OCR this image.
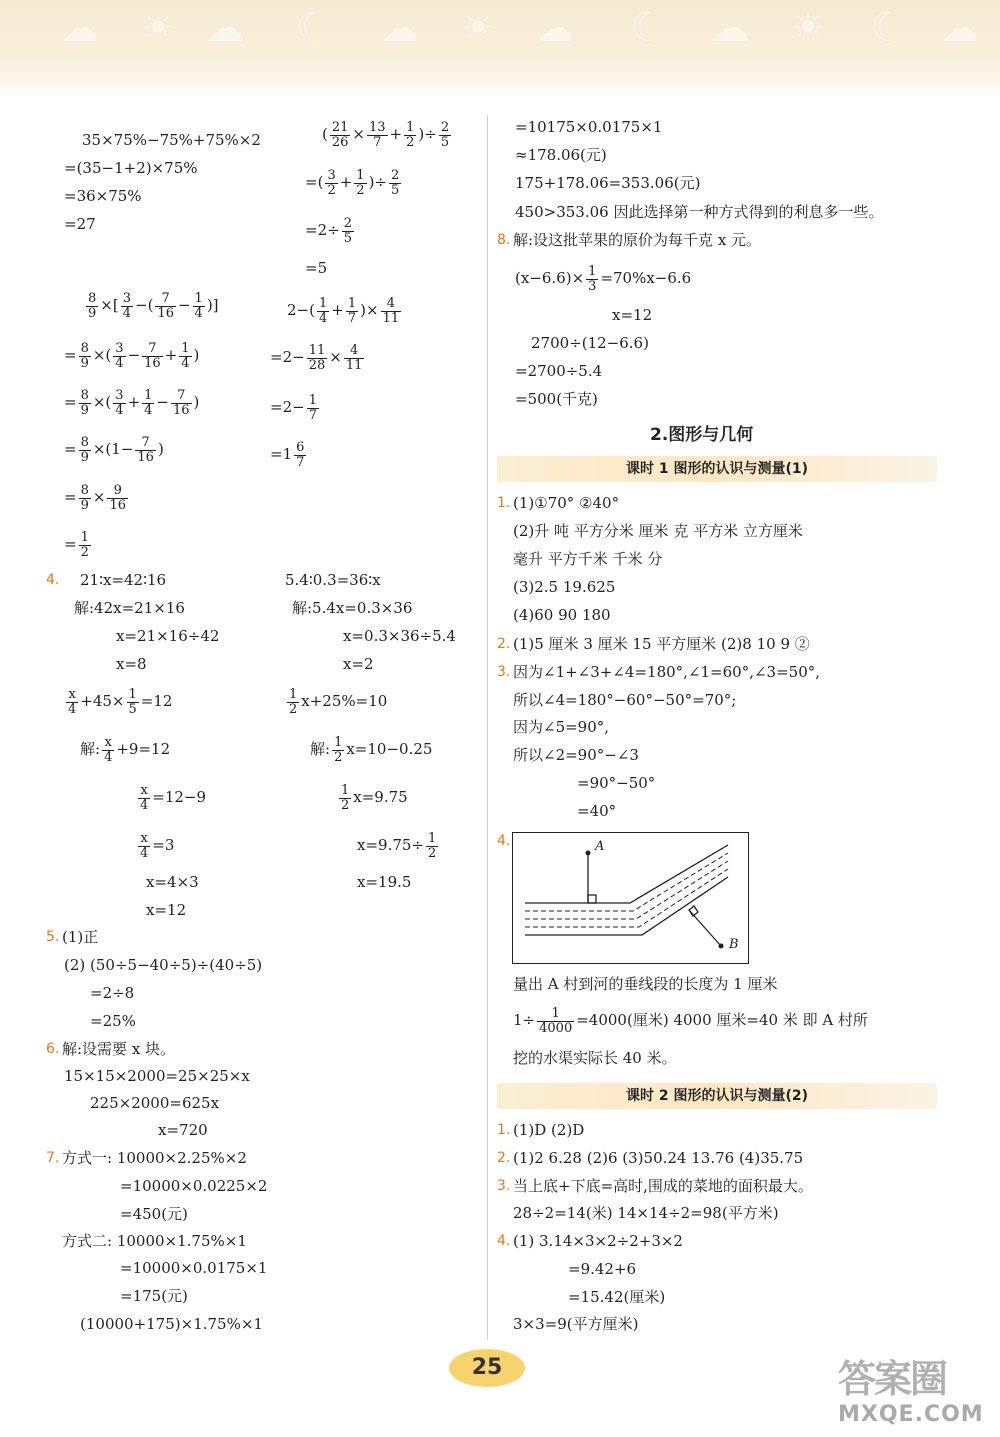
☁ ☀ ☁ ☾ ☁ ☀ ☁ ☾ ☁ ☀ ☾ ☁
35×75%−75%+75%×2
=(35−1+2)×75%
=36×75%
=27
( $\frac{21}{26} \times \frac{13}{7} + \frac{1}{2}$ )÷ $\frac{2}{5}$
=( $\frac{3}{2} + \frac{1}{2}$ )÷ $\frac{2}{5}$
$=2\div \frac{2}{5}$
=5
$\frac{8}{9}$ ×[ $\frac{3}{4}$ −( $\frac{7}{16} - \frac{1}{4}$ )]	$2-( \frac{1}{4} + \frac{1}{7}$ )× $\frac{4}{11}$
= $\frac{8}{9}$ ×( $\frac{3}{4} - \frac{7}{16} + \frac{1}{4}$ )	$=2- \frac{11}{28} \times \frac{4}{11}$
= $\frac{8}{9}$ ×( $\frac{3}{4} + \frac{1}{4} - \frac{7}{16}$ )	$=2- \frac{1}{7}$
= $\frac{8}{9} \times(1- \frac{7}{16}$ )	$=1 \frac{6}{7}$
= $\frac{8}{9} \times \frac{9}{16}$
= $\frac{1}{2}$
4. 21∶x=42∶16
解:42x=21×16
x=21×16÷42
x=8
5.4∶0.3=36∶x
解:5.4x=0.3×36
x=0.3×36÷5.4
x=2
$\frac{x}{4} +45\times \frac{1}{5} =12$
解: $\frac{x}{4} +9=12$
$\frac{x}{4} =12-9$
$\frac{x}{4} =3$
x=4×3
x=12
$\frac{1}{2} x+25\%=10$
解: $\frac{1}{2} x=10-0.25$
$\frac{1}{2} x=9.75$
$x=9.75\div \frac{1}{2}$
x=19.5
5. (1)正
(2) (50÷5−40÷5)÷(40÷5)
=2÷8
=25%
6. 解:设需要 x 块。
15×15×2000=25×25×x
225×2000=625x
x=720
7. 方式一: 10000×2.25%×2
=10000×0.0225×2
=450(元)
方式二: 10000×1.75%×1
=10000×0.0175×1
=175(元)
(10000+175)×1.75%×1
=10175×0.0175×1
≈178.06(元)
175+178.06=353.06(元)
450>353.06 因此选择第一种方式得到的利息多一些。
8. 解:设这批苹果的原价为每千克 x 元。
$(x-6.6)\times \frac{1}{3} =70\%x-6.6$
x=12
2700÷(12−6.6)
=2700÷5.4
=500(千克)
2.图形与几何
课时 1 图形的认识与测量(1)
1. (1)①70° ②40°
(2)升 吨 平方分米 厘米 克 平方米 立方厘米
毫升 平方千米 千米 分
(3)2.5 19.625
(4)60 90 180
2. (1)5 厘米 3 厘米 15 平方厘米 (2)8 10 9 ②
3. 因为∠1+∠3+∠4=180°,∠1=60°,∠3=50°,
所以∠4=180°−60°−50°=70°;
因为∠5=90°,
所以∠2=90°−∠3
=90°−50°
=40°
4.	A
B
量出 A 村到河的垂线段的长度为 1 厘米
$1\div \frac{1}{4000} =4000$(厘米) 4000 厘米=40 米 即 A 村所
挖的水渠实际长 40 米。
课时 2 图形的认识与测量(2)
1. (1)D (2)D
2. (1)2 6.28 (2)6 (3)50.24 13.76 (4)35.75
3. 当上底+下底=高时,围成的菜地的面积最大。
28÷2=14(米) 14×14÷2=98(平方米)
4. (1) 3.14×3×2÷2+3×2
=9.42+6
=15.42(厘米)
3×3=9(平方厘米)
25	答案圈
MXQE.COM
